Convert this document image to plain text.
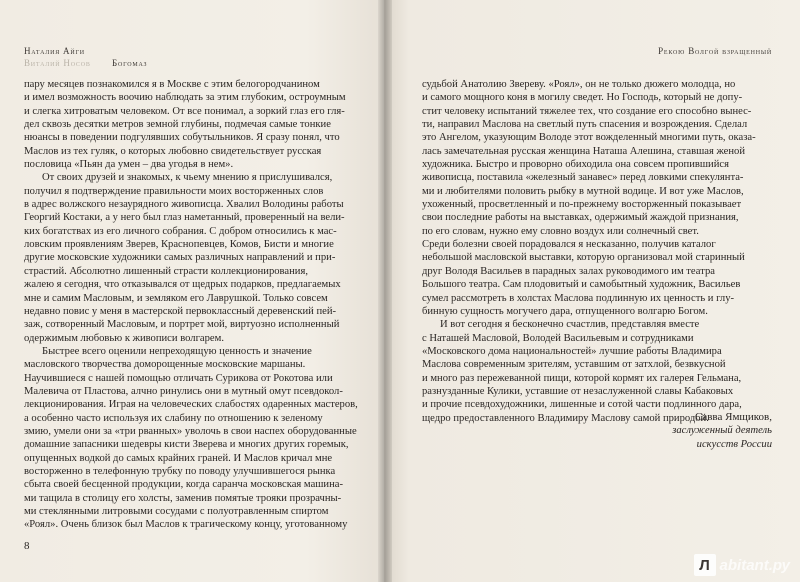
Наталия Айги
Виталий Носов Богомаз
пару месяцев познакомился я в Москве с этим белогородчанином
и имел возможность воочию наблюдать за этим глубоким, остроумным
и слегка хитроватым человеком. От все понимал, а зоркий глаз его гля-
дел сквозь десятки метров земной глубины, подмечая самые тонкие
нюансы в поведении подгулявших собутыльников. Я сразу понял, что
Маслов из тех гуляк, о которых любовно свидетельствует русская
пословица «Пьян да умен – два угодья в нем».
От своих друзей и знакомых, к чьему мнению я прислушивался,
получил я подтверждение правильности моих восторженных слов
в адрес волжского незаурядного живописца. Хвалил Володины работы
Георгий Костаки, а у него был глаз наметанный, проверенный на вели-
ких богатствах из его личного собрания. С добром относились к мас-
ловским проявлениям Зверев, Краснопевцев, Комов, Бисти и многие
другие московские художники самых различных направлений и при-
страстий. Абсолютно лишенный страсти коллекционирования,
жалею я сегодня, что отказывался от щедрых подарков, предлагаемых
мне и самим Масловым, и земляком его Лаврушкой. Только совсем
недавно повис у меня в мастерской первоклассный деревенский пей-
заж, сотворенный Масловым, и портрет мой, виртуозно исполненный
одержимым любовью к живописи волгарем.
Быстрее всего оценили непреходящую ценность и значение
масловского творчества доморощенные московские маршаны.
Научившиеся с нашей помощью отличать Сурикова от Рокотова или
Малевича от Пластова, алчно ринулись они в мутный омут псевдокол-
лекционирования. Играя на человеческих слабостях одаренных мастеров,
а особенно часто используя их слабину по отношению к зеленому
змию, умели они за «три рванных» уволочь в свои наспех оборудованные
домашние запасники шедевры кисти Зверева и многих других горемык,
опущенных водкой до самых крайних граней. И Маслов кричал мне
восторженно в телефонную трубку по поводу улучшившегося рынка
сбыта своей бесценной продукции, когда саранча московская машина-
ми тащила в столицу его холсты, заменив помятые трояки прозрачны-
ми стеклянными литровыми сосудами с полуотравленным спиртом
«Роял». Очень близок был Маслов к трагическому концу, уготованному
8
Рекою Волгой взращенный
судьбой Анатолию Звереву. «Роял», он не только дюжего молодца, но
и самого мощного коня в могилу сведет. Но Господь, который не допу-
стит человеку испытаний тяжелее тех, что создание его способно вынес-
ти, направил Маслова на светлый путь спасения и возрождения. Сделал
это Ангелом, указующим Володе этот вожделенный многими путь, оказа-
лась замечательная русская женщина Наташа Алешина, ставшая женой
художника. Быстро и проворно обиходила она совсем пропившийся
живописца, поставила «железный занавес» перед ловкими спекулянта-
ми и любителями половить рыбку в мутной водице. И вот уже Маслов,
ухоженный, просветленный и по-прежнему восторженный показывает
свои последние работы на выставках, одержимый жаждой признания,
по его словам, нужно ему словно воздух или солнечный свет.
Среди болезни своей порадовался я несказанно, получив каталог
небольшой масловской выставки, которую организовал мой старинный
друг Володя Васильев в парадных залах руководимого им театра
Большого театра. Сам плодовитый и самобытный художник, Васильев
сумел рассмотреть в холстах Маслова подлинную их ценность и глу-
бинную сущность могучего дара, отпущенного волгарю Богом.
И вот сегодня я бесконечно счастлив, представляя вместе
с Наташей Масловой, Володей Васильевым и сотрудниками
«Московского дома национальностей» лучшие работы Владимира
Маслова современным зрителям, уставшим от затхлой, безвкусной
и много раз пережеванной пищи, которой кормят их галерея Гельмана,
разнузданные Кулики, уставшие от незаслуженной славы Кабаковых
и прочие псевдохудожники, лишенные и сотой части подлинного дара,
щедро предоставленного Владимиру Маслову самой природой.
Савва Ямщиков,
заслуженный деятель
искусств России
Л abitant.ру
